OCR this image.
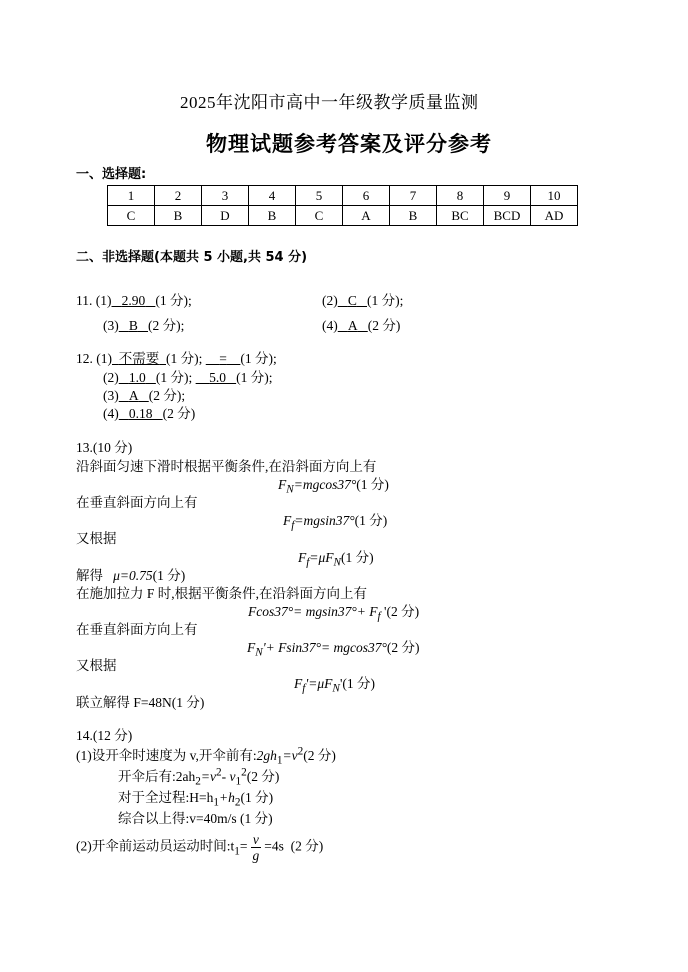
2025年沈阳市高中一年级教学质量监测
物理试题参考答案及评分参考
一、选择题:
1	2	3	4	5	6	7	8	9	10
C	B	D	B	C	A	B	BC	BCD	AD
二、非选择题(本题共 5 小题,共 54 分)
11. (1) 2.90 (1 分);	(2) C (1 分);
(3) B (2 分);	(4) A (2 分)
12. (1) 不需要 (1 分); = (1 分);
(2) 1.0 (1 分); 5.0 (1 分);
(3) A (2 分);
(4) 0.18 (2 分)
13.(10 分)
沿斜面匀速下滑时根据平衡条件,在沿斜面方向上有
$F_N=mgcos37^\circ(1$ 分)
在垂直斜面方向上有
$F_f=mgsin37^\circ(1$ 分)
又根据
$F_f=\mu F_N(1$ 分)
解得 μ=0.75(1 分)
在施加拉力 F 时,根据平衡条件,在沿斜面方向上有
$Fcos37^\circ= mgsin37^\circ+ F_f$ '(2 分)
在垂直斜面方向上有
$F_N'+ Fsin37^\circ= mgcos37^\circ(2$ 分)
又根据
$F_f'=\mu F_N'(1$ 分)
联立解得 F=48N(1 分)
14.(12 分)
(1)设开伞时速度为 v,开伞前有$:2gh_1=v^2(2$ 分)
开伞后有$:2ah_2=v^2-$ $v_1^2(2$ 分)
对于全过程$:H=h_1+h_2(1$ 分)
综合以上得:v=40m/s (1 分)
(2)开伞前运动员运动时间$:t_1= \frac{v}{g} =4s$ (2 分)
